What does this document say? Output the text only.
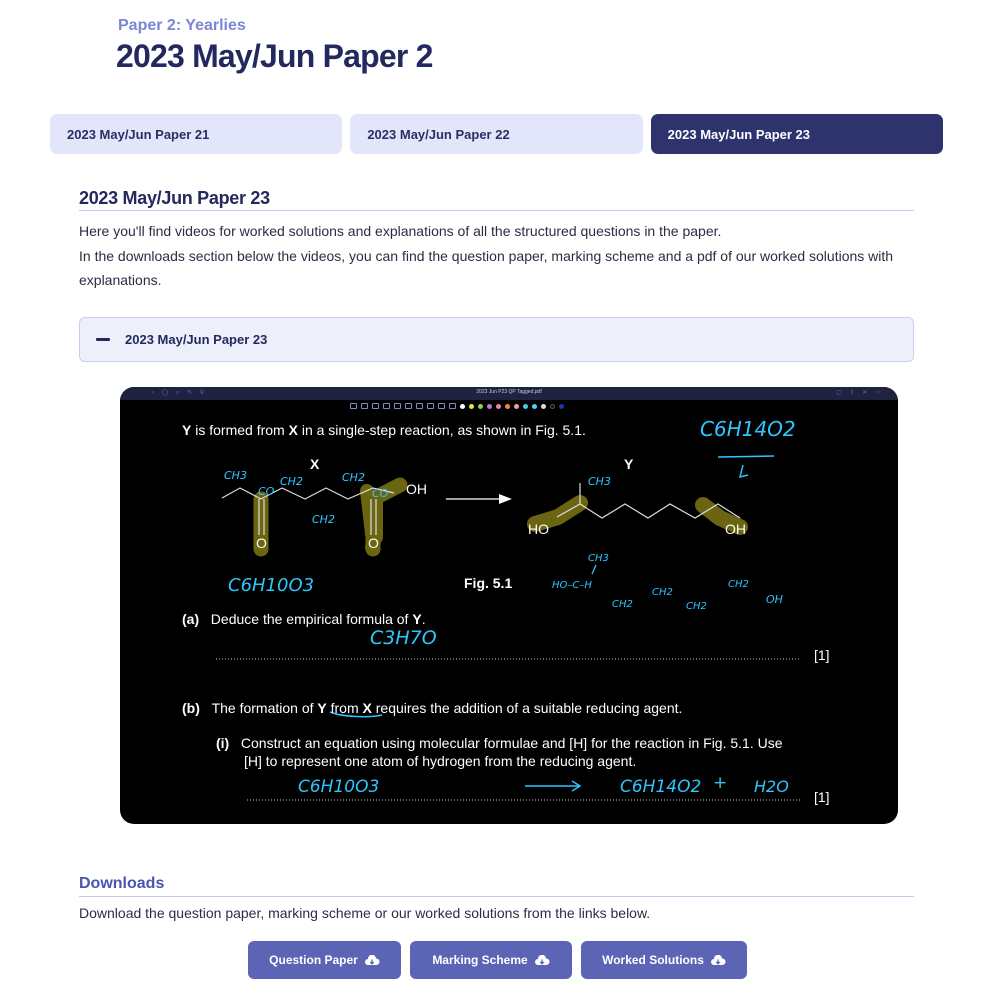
Paper 2: Yearlies
2023 May/Jun Paper 2
2023 May/Jun Paper 21	2023 May/Jun Paper 22	2023 May/Jun Paper 23
2023 May/Jun Paper 23
Here you'll find videos for worked solutions and explanations of all the structured questions in the paper.
In the downloads section below the videos, you can find the question paper, marking scheme and a pdf of our worked solutions with explanations.
2023 May/Jun Paper 23
‹ ◯ ⌕ ✎ ⚲	2023 Jun P23 QP Tagged.pdf	▢ ⇪ ✕ ⋯
Y is formed from X in a single-step reaction, as shown in Fig. 5.1.
X	Y
OH
O	O
HO	OH
Fig. 5.1
(a) Deduce the empirical formula of Y.
[1]
(b) The formation of Y from X requires the addition of a suitable reducing agent.
(i) Construct an equation using molecular formulae and [H] for the reaction in Fig. 5.1. Use
[H] to represent one atom of hydrogen from the reducing agent.
[1]
C6H14O2
C6H10O3
C3H7O
C6H10O3	C6H14O2 + H2O
CH3
CO
CH2	CH2
CO
CH2
CH3
CH3
HO–C–H
CH2
CH2
CH2
CH2
OH
Downloads
Download the question paper, marking scheme or our worked solutions from the links below.
Question Paper	Marking Scheme	Worked Solutions
